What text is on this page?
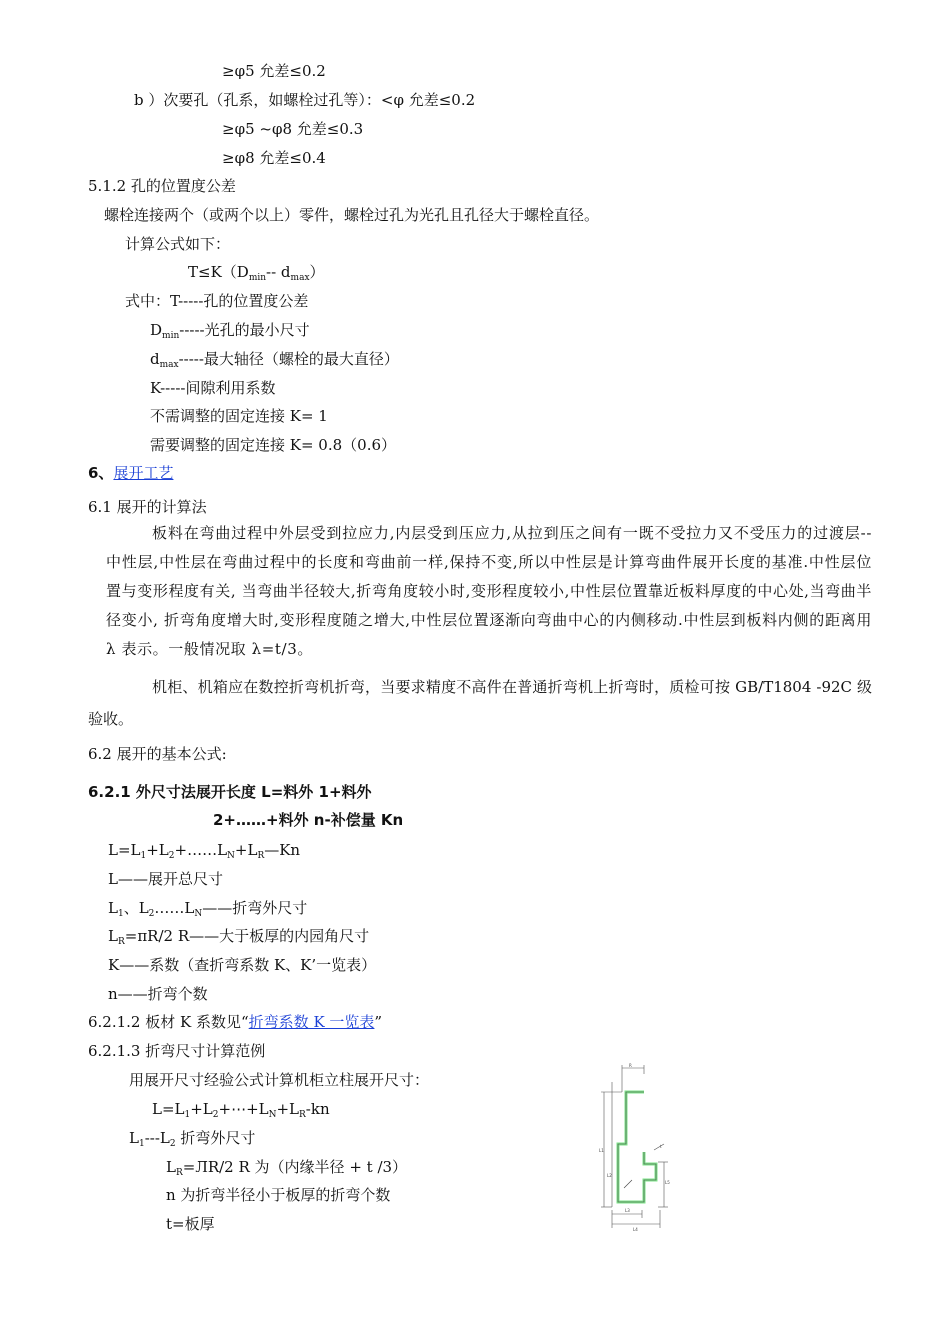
≥φ5 允差≤0.2
b ）次要孔（孔系，如螺栓过孔等）：<φ 允差≤0.2
≥φ5 ~φ8 允差≤0.3
≥φ8 允差≤0.4
5.1.2 孔的位置度公差
螺栓连接两个（或两个以上）零件，螺栓过孔为光孔且孔径大于螺栓直径。
计算公式如下：
$T\le K(D_{min}--$ $d_{max}$）
式中：T-----孔的位置度公差
$D_{min}-----$光孔的最小尺寸
$d_{max}-----$最大轴径（螺栓的最大直径）
K-----间隙利用系数
不需调整的固定连接 K= 1
需要调整的固定连接 K= 0.8（0.6）
6、展开工艺
6.1 展开的计算法
板料在弯曲过程中外层受到拉应力,内层受到压应力,从拉到压之间有一既不受拉力又不受压力的过渡层--中性层,中性层在弯曲过程中的长度和弯曲前一样,保持不变,所以中性层是计算弯曲件展开长度的基准.中性层位置与变形程度有关, 当弯曲半径较大,折弯角度较小时,变形程度较小,中性层位置靠近板料厚度的中心处,当弯曲半径变小, 折弯角度增大时,变形程度随之增大,中性层位置逐渐向弯曲中心的内侧移动.中性层到板料内侧的距离用 λ 表示。一般情况取 λ=t/3。
机柜、机箱应在数控折弯机折弯，当要求精度不高件在普通折弯机上折弯时，质检可按 GB/T1804 -92C 级验收。
6.2 展开的基本公式:
6.2.1 外尺寸法展开长度 L=料外 1+料外
2+……+料外 n-补偿量 Kn
$L=L_1+L_2+\dots\dots L_N+L_R—Kn$
L——展开总尺寸
$L_1$、$L_2\dots\dots L_N——$折弯外尺寸
$L_R=\pi R/2$ R——大于板厚的内园角尺寸
K——系数（查折弯系数 K、K’一览表）
n——折弯个数
6.2.1.2 板材 K 系数见“折弯系数 K 一览表”
6.2.1.3 折弯尺寸计算范例
用展开尺寸经验公式计算机柜立柱展开尺寸：
$L=L_1+L_2+\cdots+L_N+L_R-kn$
$L_1---L_2$ 折弯外尺寸
$L_R=ЛR/2$ R 为（内缘半径 + t /3）
n 为折弯半径小于板厚的折弯个数
t=板厚
R
L1
L2
L3
L4
L5
t
